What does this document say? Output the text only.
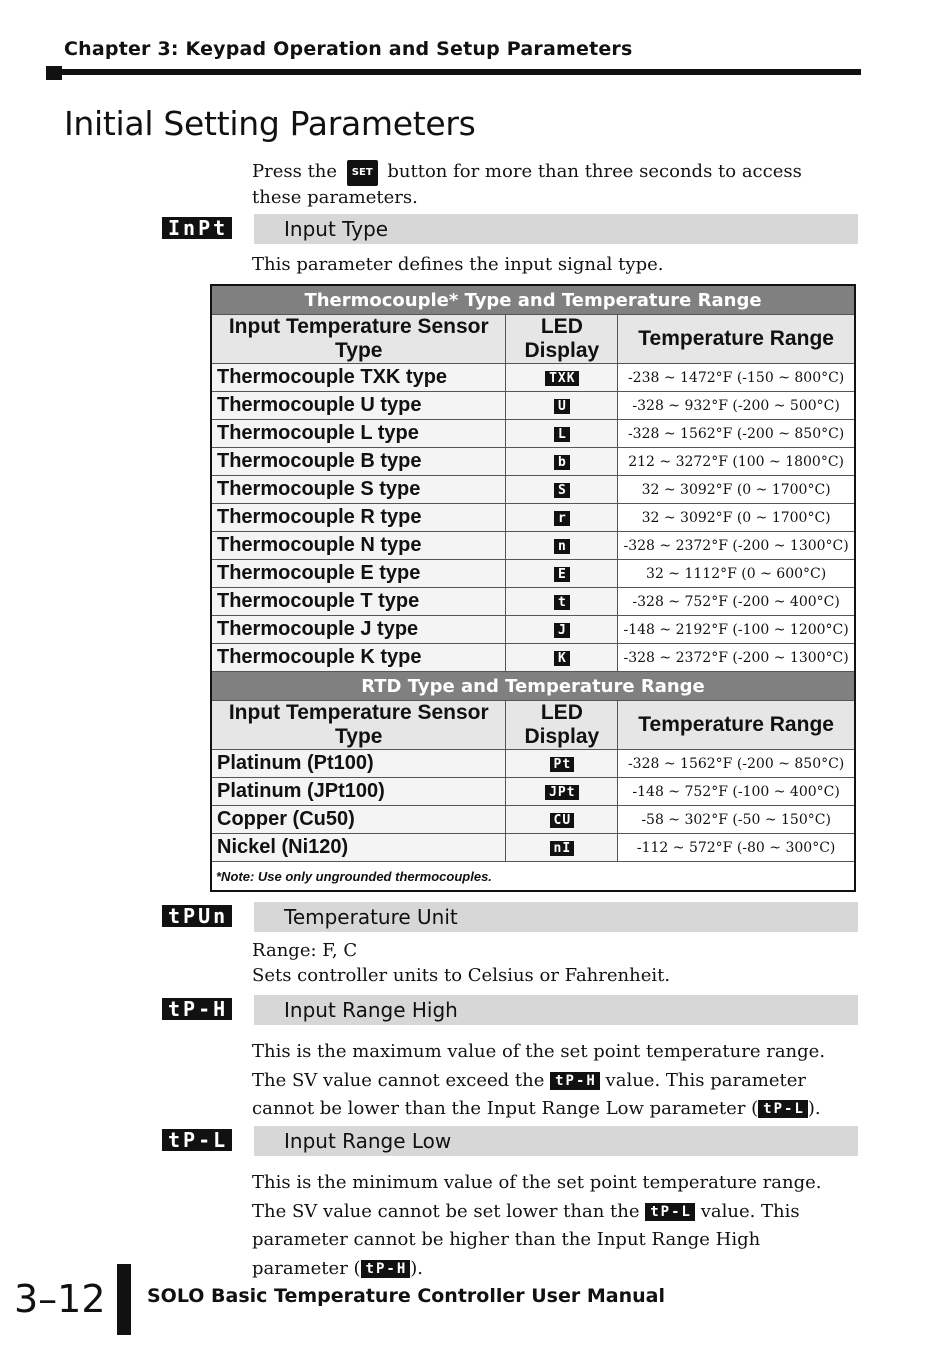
Chapter 3: Keypad Operation and Setup Parameters
Initial Setting Parameters
Press the SET button for more than three seconds to access these parameters.
InPt	Input Type
This parameter defines the input signal type.
Thermocouple* Type and Temperature Range		
Input Temperature Sensor Type	LED Display	Temperature Range
Thermocouple TXK type	TXK	-238 ~ 1472°F (-150 ~ 800°C)
Thermocouple U type	U	-328 ~ 932°F (-200 ~ 500°C)
Thermocouple L type	L	-328 ~ 1562°F (-200 ~ 850°C)
Thermocouple B type	b	212 ~ 3272°F (100 ~ 1800°C)
Thermocouple S type	S	32 ~ 3092°F (0 ~ 1700°C)
Thermocouple R type	r	32 ~ 3092°F (0 ~ 1700°C)
Thermocouple N type	n	-328 ~ 2372°F (-200 ~ 1300°C)
Thermocouple E type	E	32 ~ 1112°F (0 ~ 600°C)
Thermocouple T type	t	-328 ~ 752°F (-200 ~ 400°C)
Thermocouple J type	J	-148 ~ 2192°F (-100 ~ 1200°C)
Thermocouple K type	K	-328 ~ 2372°F (-200 ~ 1300°C)
RTD Type and Temperature Range		
Input Temperature Sensor Type	LED Display	Temperature Range
Platinum (Pt100)	Pt	-328 ~ 1562°F (-200 ~ 850°C)
Platinum (JPt100)	JPt	-148 ~ 752°F (-100 ~ 400°C)
Copper (Cu50)	CU	-58 ~ 302°F (-50 ~ 150°C)
Nickel (Ni120)	nI	-112 ~ 572°F (-80 ~ 300°C)
*Note: Use only ungrounded thermocouples.		
tPUn	Temperature Unit
Range: F, C
Sets controller units to Celsius or Fahrenheit.
tP-H	Input Range High
This is the maximum value of the set point temperature range. The SV value cannot exceed the tP-H value. This parameter cannot be lower than the Input Range Low parameter ( tP-L ).
tP-L	Input Range Low
This is the minimum value of the set point temperature range. The SV value cannot be set lower than the tP-L value. This parameter cannot be higher than the Input Range High parameter ( tP-H ).
3–12 SOLO Basic Temperature Controller User Manual
